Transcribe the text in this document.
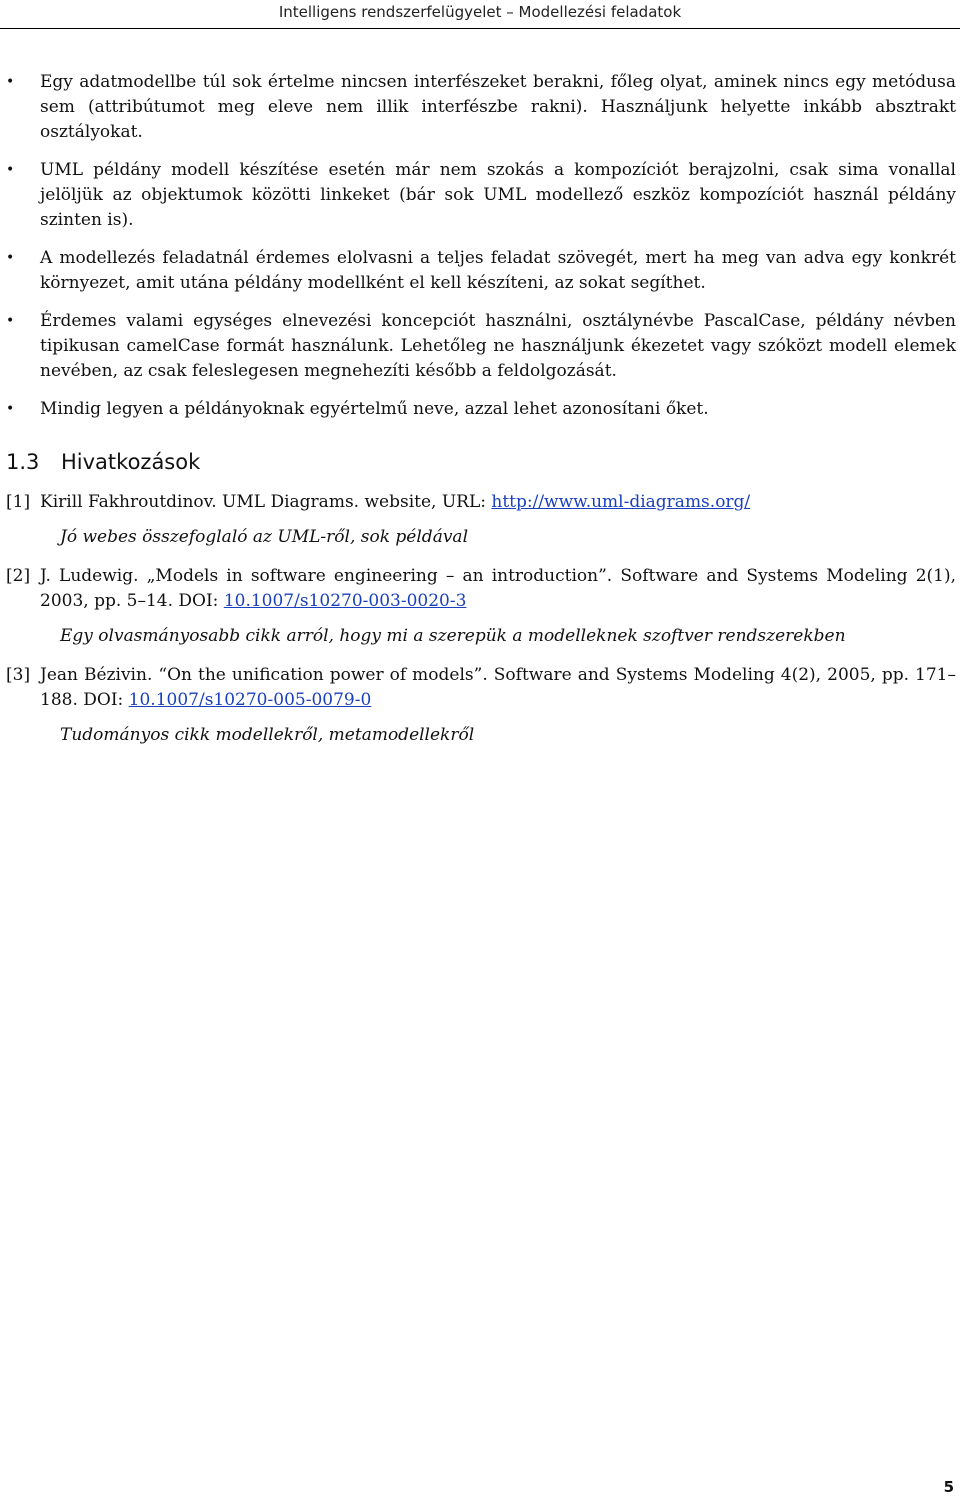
Intelligens rendszerfelügyelet – Modellezési feladatok
• Egy adatmodellbe túl sok értelme nincsen interfészeket berakni, főleg olyat, aminek nincs egy metódusa sem (attribútumot meg eleve nem illik interfészbe rakni). Használjunk helyette inkább absztrakt osztályokat.
• UML példány modell készítése esetén már nem szokás a kompozíciót berajzolni, csak sima vonallal jelöljük az objektumok közötti linkeket (bár sok UML modellező eszköz kompozíciót használ példány szinten is).
• A modellezés feladatnál érdemes elolvasni a teljes feladat szövegét, mert ha meg van adva egy konkrét környezet, amit utána példány modellként el kell készíteni, az sokat segíthet.
• Érdemes valami egységes elnevezési koncepciót használni, osztálynévbe PascalCase, példány névben tipikusan camelCase formát használunk. Lehetőleg ne használjunk ékezetet vagy szóközt modell elemek nevében, az csak feleslegesen megnehezíti később a feldolgozását.
• Mindig legyen a példányoknak egyértelmű neve, azzal lehet azonosítani őket.
1.3 Hivatkozások
[1] Kirill Fakhroutdinov. UML Diagrams. website, URL: http://www.uml-diagrams.org/
Jó webes összefoglaló az UML-ről, sok példával
[2] J. Ludewig. „Models in software engineering – an introduction”. Software and Systems Modeling 2(1), 2003, pp. 5–14. DOI: 10.1007/s10270-003-0020-3
Egy olvasmányosabb cikk arról, hogy mi a szerepük a modelleknek szoftver rendszerekben
[3] Jean Bézivin. “On the unification power of models”. Software and Systems Modeling 4(2), 2005, pp. 171–188. DOI: 10.1007/s10270-005-0079-0
Tudományos cikk modellekről, metamodellekről
5
